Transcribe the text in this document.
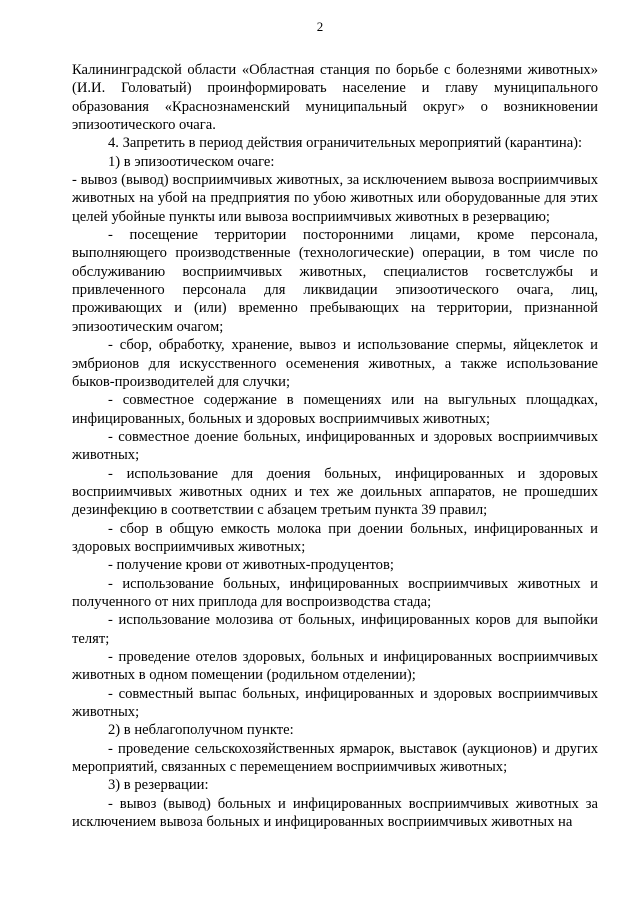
2

Калининградской области «Областная станция по борьбе с болезнями животных» (И.И. Головатый) проинформировать население и главу муниципального образования «Краснознаменский муниципальный округ» о возникновении эпизоотического очага.

4. Запретить в период действия ограничительных мероприятий (карантина):

1) в эпизоотическом очаге:

- вывоз (вывод) восприимчивых животных, за исключением вывоза восприимчивых животных на убой на предприятия по убою животных или оборудованные для этих целей убойные пункты или вывоза восприимчивых животных в резервацию;

- посещение территории посторонними лицами, кроме персонала, выполняющего производственные (технологические) операции, в том числе по обслуживанию восприимчивых животных, специалистов госветслужбы и привлеченного персонала для ликвидации эпизоотического очага, лиц, проживающих и (или) временно пребывающих на территории, признанной эпизоотическим очагом;

- сбор, обработку, хранение, вывоз и использование спермы, яйцеклеток и эмбрионов для искусственного осеменения животных, а также использование быков-производителей для случки;

- совместное содержание в помещениях или на выгульных площадках, инфицированных, больных и здоровых восприимчивых животных;

- совместное доение больных, инфицированных и здоровых восприимчивых животных;

- использование для доения больных, инфицированных и здоровых восприимчивых животных одних и тех же доильных аппаратов, не прошедших дезинфекцию в соответствии с абзацем третьим пункта 39 правил;

- сбор в общую емкость молока при доении больных, инфицированных и здоровых восприимчивых животных;

- получение крови от животных-продуцентов;

- использование больных, инфицированных восприимчивых животных и полученного от них приплода для воспроизводства стада;

- использование молозива от больных, инфицированных коров для выпойки телят;

- проведение отелов здоровых, больных и инфицированных восприимчивых животных в одном помещении (родильном отделении);

- совместный выпас больных, инфицированных и здоровых восприимчивых животных;

2) в неблагополучном пункте:

- проведение сельскохозяйственных ярмарок, выставок (аукционов) и других мероприятий, связанных с перемещением восприимчивых животных;

3) в резервации:

- вывоз (вывод) больных и инфицированных восприимчивых животных за исключением вывоза больных и инфицированных восприимчивых животных на
